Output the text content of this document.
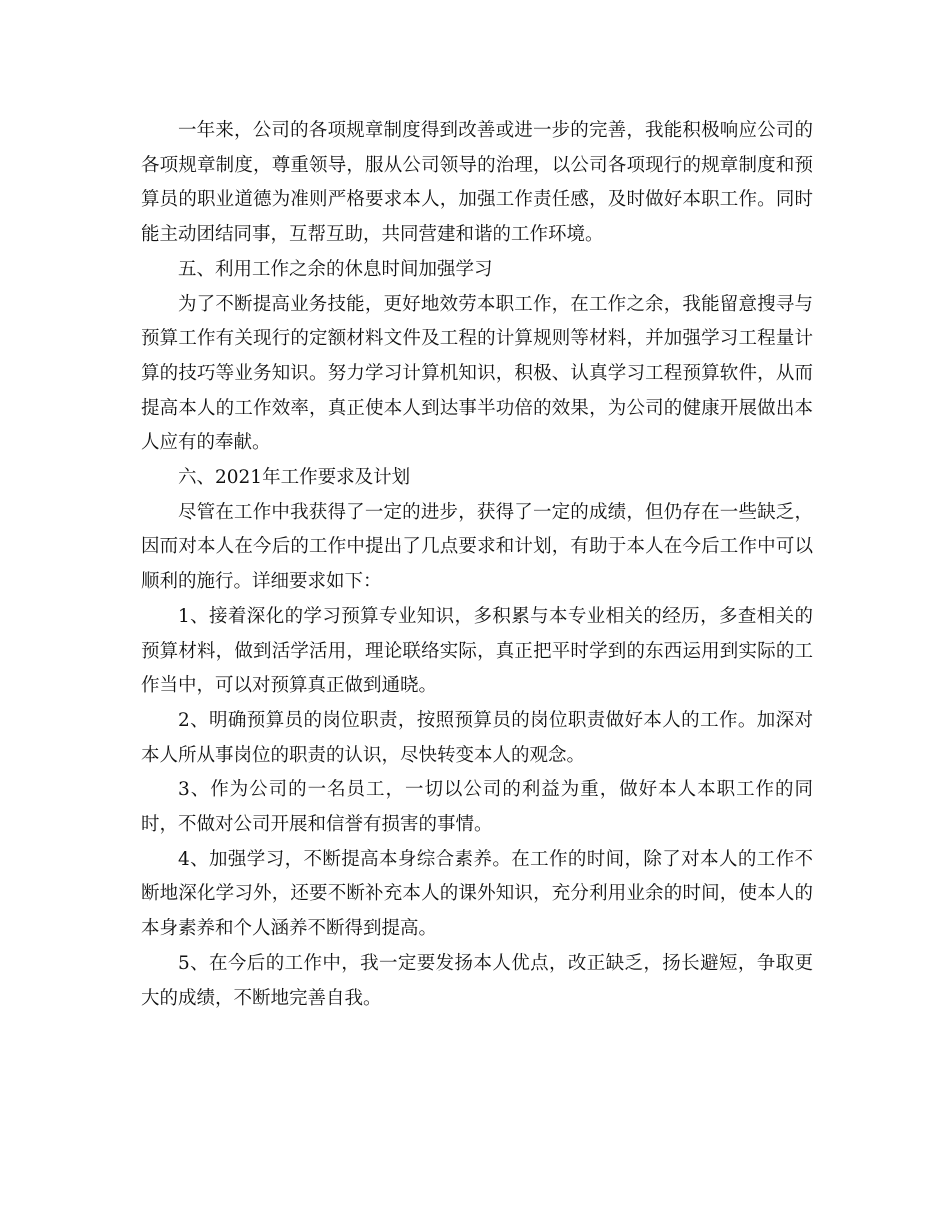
一年来，公司的各项规章制度得到改善或进一步的完善，我能积极响应公司的各项规章制度，尊重领导，服从公司领导的治理，以公司各项现行的规章制度和预算员的职业道德为准则严格要求本人，加强工作责任感，及时做好本职工作。同时能主动团结同事，互帮互助，共同营建和谐的工作环境。

五、利用工作之余的休息时间加强学习

为了不断提高业务技能，更好地效劳本职工作，在工作之余，我能留意搜寻与预算工作有关现行的定额材料文件及工程的计算规则等材料，并加强学习工程量计算的技巧等业务知识。努力学习计算机知识，积极、认真学习工程预算软件，从而提高本人的工作效率，真正使本人到达事半功倍的效果，为公司的健康开展做出本人应有的奉献。

六、2021年工作要求及计划

尽管在工作中我获得了一定的进步，获得了一定的成绩，但仍存在一些缺乏，因而对本人在今后的工作中提出了几点要求和计划，有助于本人在今后工作中可以顺利的施行。详细要求如下：

1、接着深化的学习预算专业知识，多积累与本专业相关的经历，多查相关的预算材料，做到活学活用，理论联络实际，真正把平时学到的东西运用到实际的工作当中，可以对预算真正做到通晓。

2、明确预算员的岗位职责，按照预算员的岗位职责做好本人的工作。加深对本人所从事岗位的职责的认识，尽快转变本人的观念。

3、作为公司的一名员工，一切以公司的利益为重，做好本人本职工作的同时，不做对公司开展和信誉有损害的事情。

4、加强学习，不断提高本身综合素养。在工作的时间，除了对本人的工作不断地深化学习外，还要不断补充本人的课外知识，充分利用业余的时间，使本人的本身素养和个人涵养不断得到提高。

5、在今后的工作中，我一定要发扬本人优点，改正缺乏，扬长避短，争取更大的成绩，不断地完善自我。
